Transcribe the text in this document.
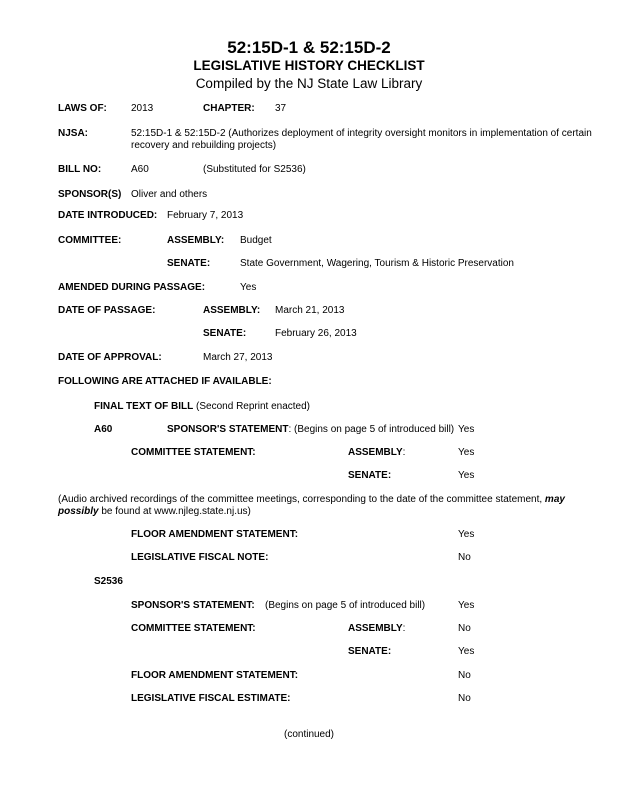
52:15D-1 & 52:15D-2
LEGISLATIVE HISTORY CHECKLIST
Compiled by the NJ State Law Library
LAWS OF: 2013	CHAPTER: 37
NJSA:	52:15D-1 & 52:15D-2 (Authorizes deployment of integrity oversight monitors in implementation of certain recovery and rebuilding projects)
BILL NO:	A60	(Substituted for S2536)
SPONSOR(S) Oliver and others
DATE INTRODUCED: February 7, 2013
COMMITTEE:	ASSEMBLY: Budget
SENATE:	State Government, Wagering, Tourism & Historic Preservation
AMENDED DURING PASSAGE:	Yes
DATE OF PASSAGE:	ASSEMBLY: March 21, 2013
SENATE:	February 26, 2013
DATE OF APPROVAL:	March 27, 2013
FOLLOWING ARE ATTACHED IF AVAILABLE:
FINAL TEXT OF BILL (Second Reprint enacted)
A60	SPONSOR'S STATEMENT: (Begins on page 5 of introduced bill) Yes
COMMITTEE STATEMENT:	ASSEMBLY:	Yes
SENATE:	Yes
(Audio archived recordings of the committee meetings, corresponding to the date of the committee statement, may possibly be found at www.njleg.state.nj.us)
FLOOR AMENDMENT STATEMENT:	Yes
LEGISLATIVE FISCAL NOTE:	No
S2536
SPONSOR'S STATEMENT: (Begins on page 5 of introduced bill)	Yes
COMMITTEE STATEMENT:	ASSEMBLY:	No
SENATE:	Yes
FLOOR AMENDMENT STATEMENT:	No
LEGISLATIVE FISCAL ESTIMATE:	No
(continued)
